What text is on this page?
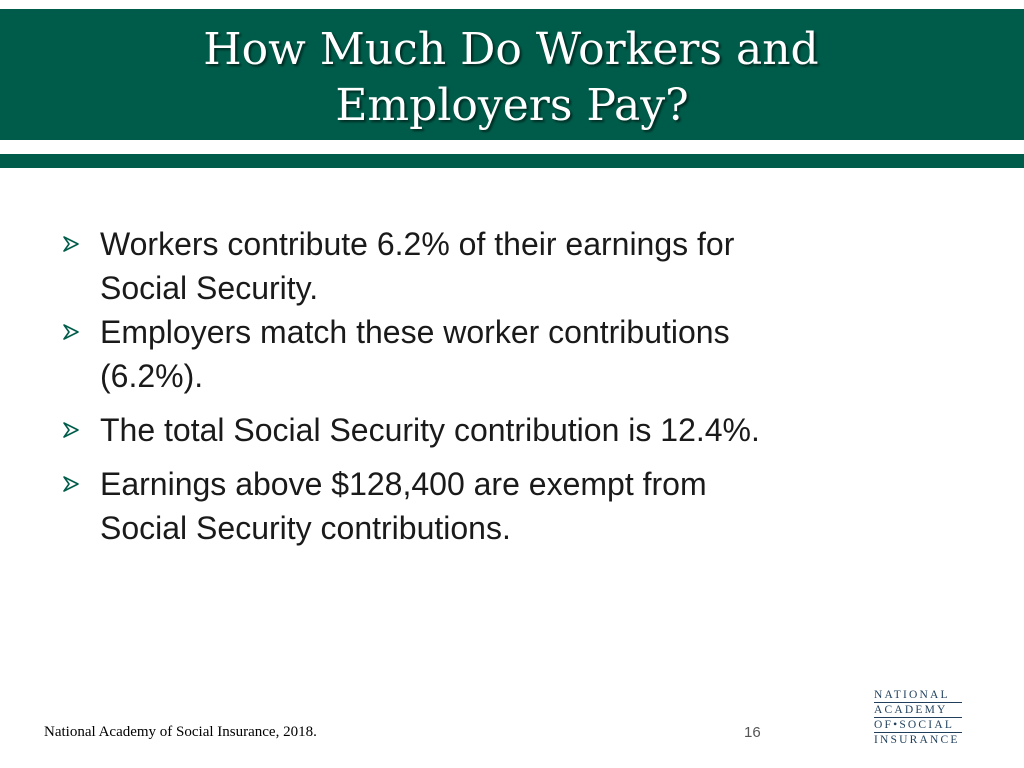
How Much Do Workers and
Employers Pay?
Workers contribute 6.2% of their earnings for
Social Security.
Employers match these worker contributions
(6.2%).
The total Social Security contribution is 12.4%.
Earnings above $128,400 are exempt from
Social Security contributions.
National Academy of Social Insurance, 2018.	16
NATIONAL
ACADEMY
OF•SOCIAL
INSURANCE
